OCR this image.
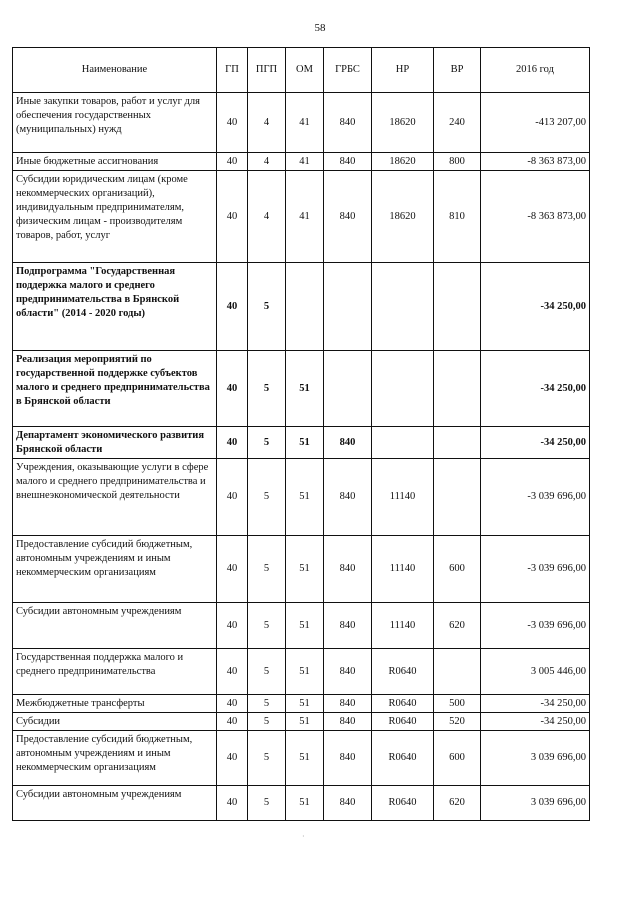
58
Наименование	ГП	ПГП	ОМ	ГРБС	НР	ВР	2016 год
Иные закупки товаров, работ и услуг для обеспечения государственных (муниципальных) нужд	40	4	41	840	18620	240	-413 207,00
Иные бюджетные ассигнования	40	4	41	840	18620	800	-8 363 873,00
Субсидии юридическим лицам (кроме некоммерческих организаций), индивидуальным предпринимателям, физическим лицам - производителям товаров, работ, услуг	40	4	41	840	18620	810	-8 363 873,00
Подпрограмма "Государственная поддержка малого и среднего предпринимательства в Брянской области" (2014 - 2020 годы)	40	5					-34 250,00
Реализация мероприятий по государственной поддержке субъектов малого и среднего предпринимательства в Брянской области	40	5	51				-34 250,00
Департамент экономического развития Брянской области	40	5	51	840			-34 250,00
Учреждения, оказывающие услуги в сфере малого и среднего предпринимательства и внешнеэкономической деятельности	40	5	51	840	11140		-3 039 696,00
Предоставление субсидий бюджетным, автономным учреждениям и иным некоммерческим организациям	40	5	51	840	11140	600	-3 039 696,00
Субсидии автономным учреждениям	40	5	51	840	11140	620	-3 039 696,00
Государственная поддержка малого и среднего предпринимательства	40	5	51	840	R0640		3 005 446,00
Межбюджетные трансферты	40	5	51	840	R0640	500	-34 250,00
Субсидии	40	5	51	840	R0640	520	-34 250,00
Предоставление субсидий бюджетным, автономным учреждениям и иным некоммерческим организациям	40	5	51	840	R0640	600	3 039 696,00
Субсидии автономным учреждениям	40	5	51	840	R0640	620	3 039 696,00
·
